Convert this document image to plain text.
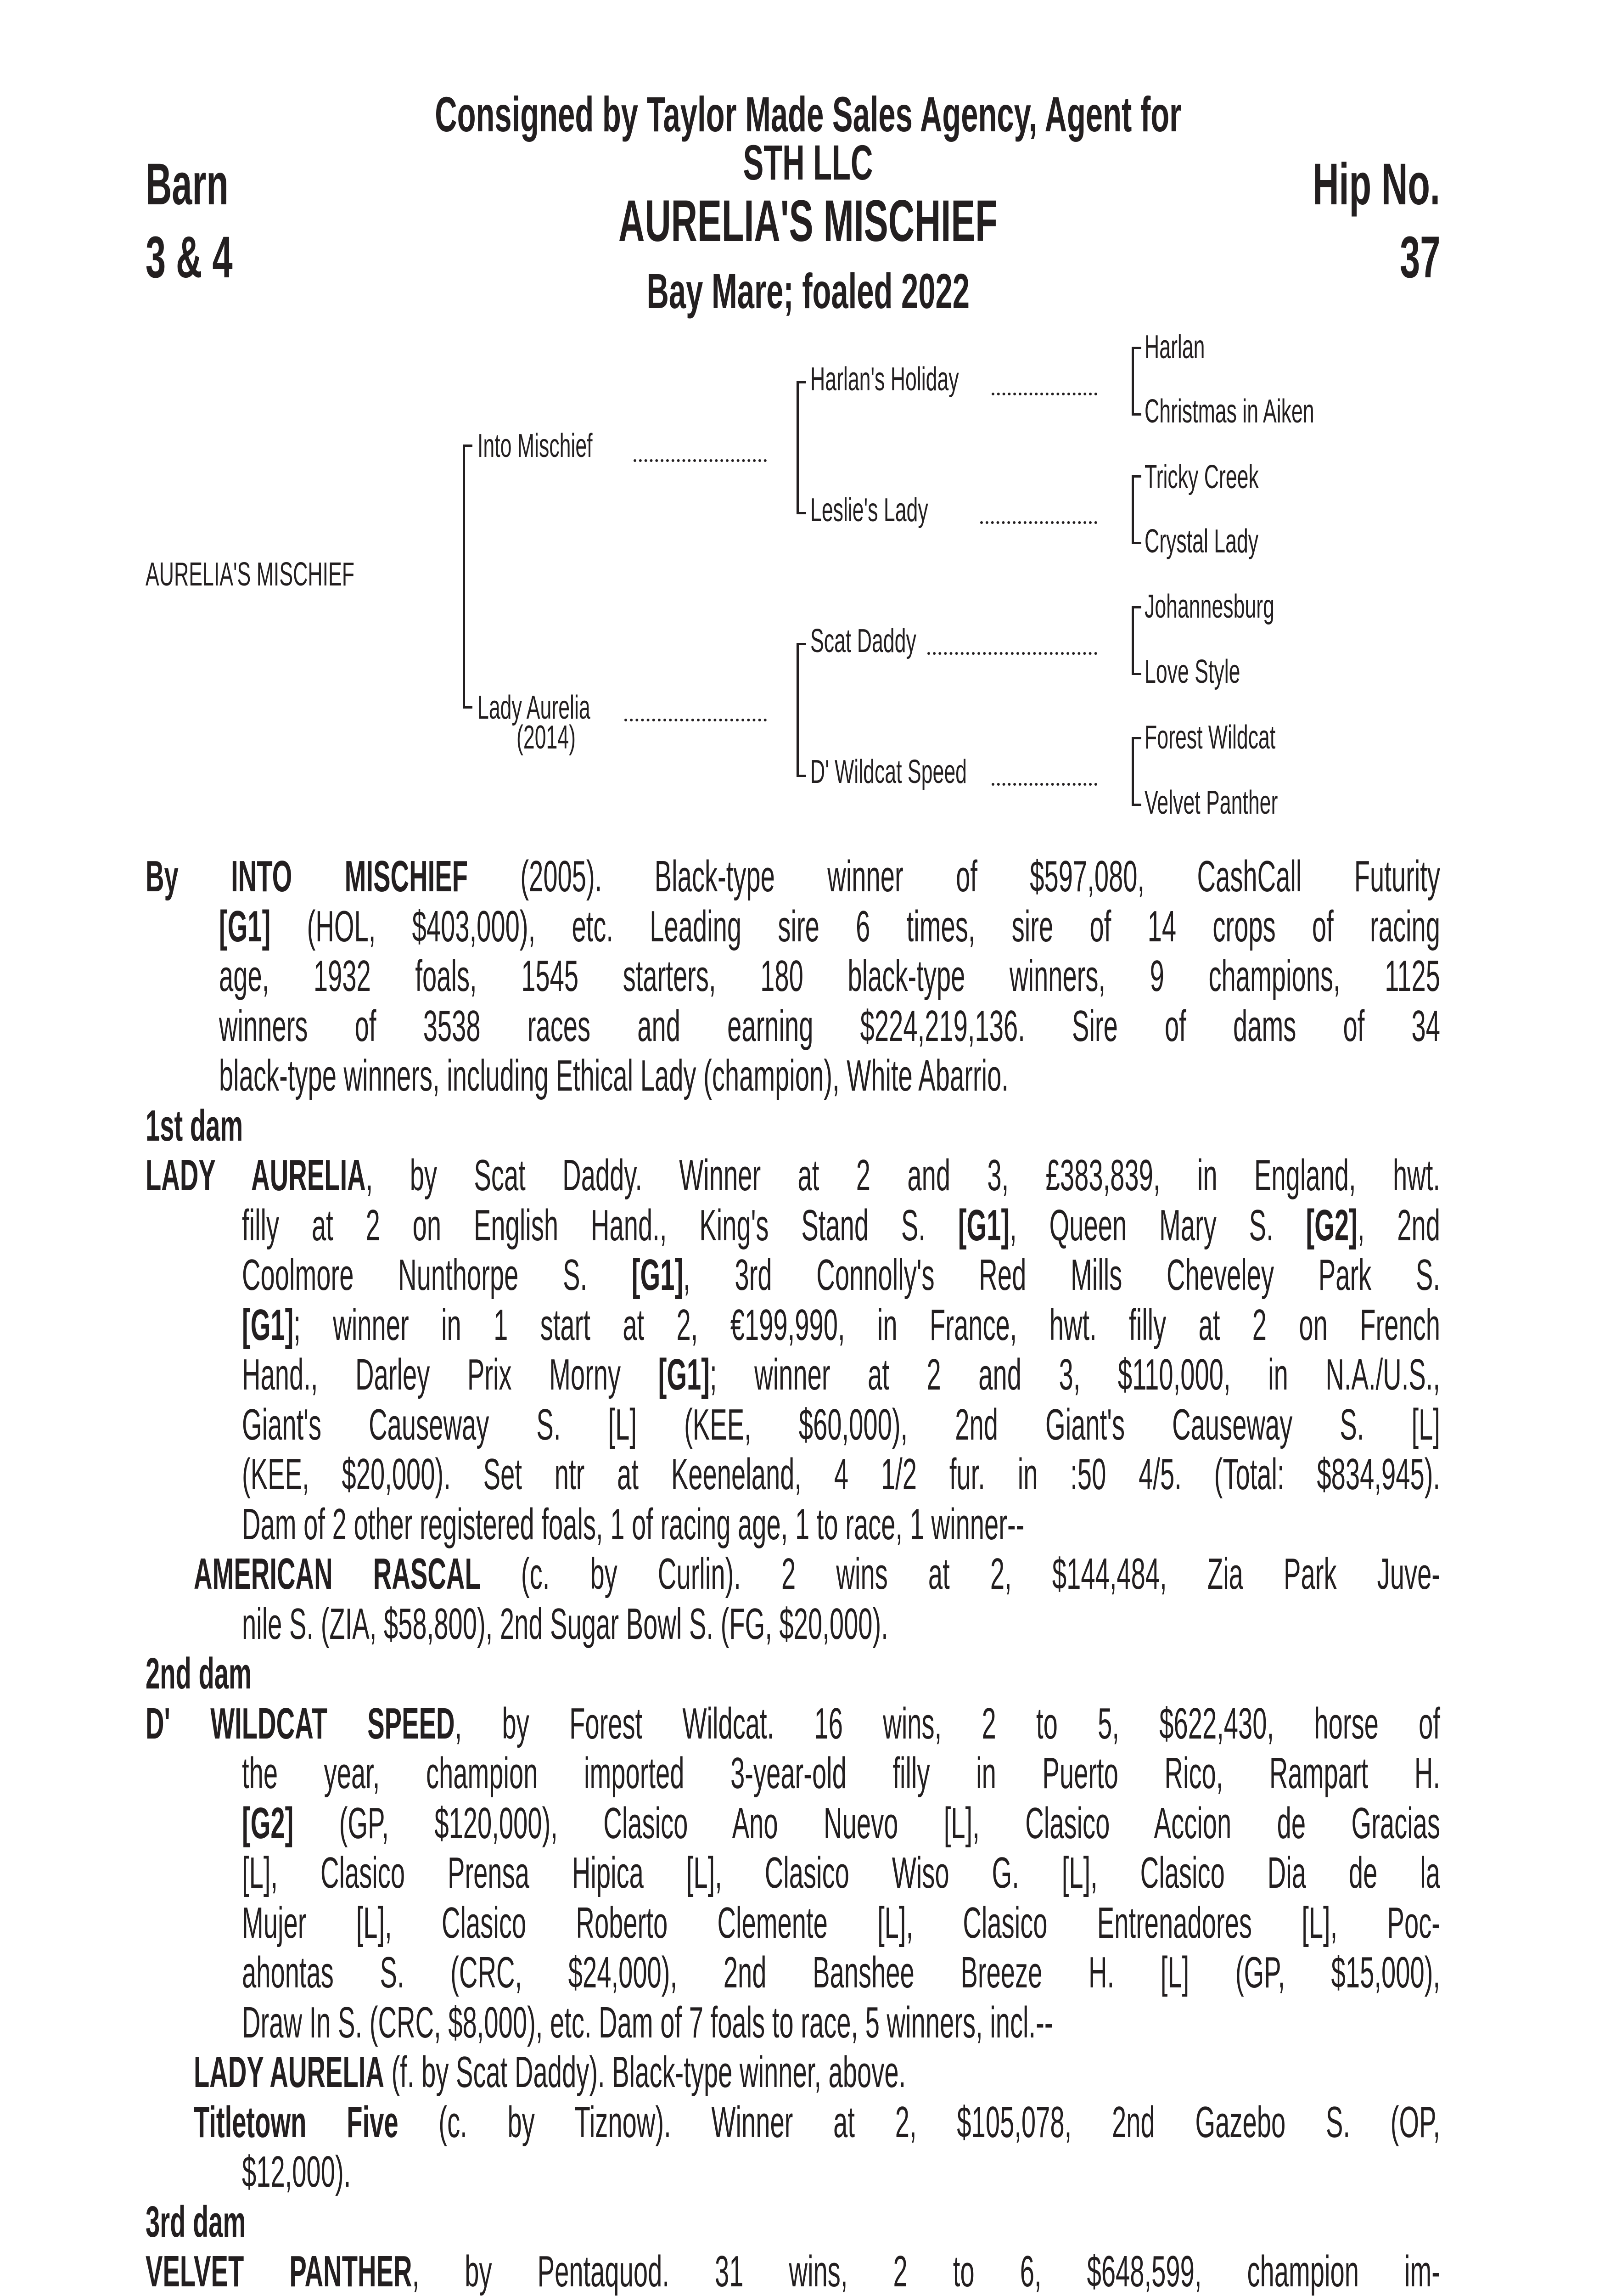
Consigned by Taylor Made Sales Agency, Agent for
STH LLC
AURELIA'S MISCHIEF
Bay Mare; foaled 2022
Barn
3 & 4
Hip No.
37
AURELIA'S MISCHIEF
Into Mischief
Lady Aurelia
(2014)
Harlan's Holiday
Leslie's Lady
Scat Daddy
D' Wildcat Speed
Harlan
Christmas in Aiken
Tricky Creek
Crystal Lady
Johannesburg
Love Style
Forest Wildcat
Velvet Panther
By INTO MISCHIEF (2005). Black-type winner of $597,080, CashCall Futurity
[G1] (HOL, $403,000), etc. Leading sire 6 times, sire of 14 crops of racing
age, 1932 foals, 1545 starters, 180 black-type winners, 9 champions, 1125
winners of 3538 races and earning $224,219,136. Sire of dams of 34
black-type winners, including Ethical Lady (champion), White Abarrio.
1st dam
LADY AURELIA, by Scat Daddy. Winner at 2 and 3, £383,839, in England, hwt.
filly at 2 on English Hand., King's Stand S. [G1], Queen Mary S. [G2], 2nd
Coolmore Nunthorpe S. [G1], 3rd Connolly's Red Mills Cheveley Park S.
[G1]; winner in 1 start at 2, €199,990, in France, hwt. filly at 2 on French
Hand., Darley Prix Morny [G1]; winner at 2 and 3, $110,000, in N.A./U.S.,
Giant's Causeway S. [L] (KEE, $60,000), 2nd Giant's Causeway S. [L]
(KEE, $20,000). Set ntr at Keeneland, 4 1/2 fur. in :50 4/5. (Total: $834,945).
Dam of 2 other registered foals, 1 of racing age, 1 to race, 1 winner--
AMERICAN RASCAL (c. by Curlin). 2 wins at 2, $144,484, Zia Park Juve-
nile S. (ZIA, $58,800), 2nd Sugar Bowl S. (FG, $20,000).
2nd dam
D' WILDCAT SPEED, by Forest Wildcat. 16 wins, 2 to 5, $622,430, horse of
the year, champion imported 3-year-old filly in Puerto Rico, Rampart H.
[G2] (GP, $120,000), Clasico Ano Nuevo [L], Clasico Accion de Gracias
[L], Clasico Prensa Hipica [L], Clasico Wiso G. [L], Clasico Dia de la
Mujer [L], Clasico Roberto Clemente [L], Clasico Entrenadores [L], Poc-
ahontas S. (CRC, $24,000), 2nd Banshee Breeze H. [L] (GP, $15,000),
Draw In S. (CRC, $8,000), etc. Dam of 7 foals to race, 5 winners, incl.--
LADY AURELIA (f. by Scat Daddy). Black-type winner, above.
Titletown Five (c. by Tiznow). Winner at 2, $105,078, 2nd Gazebo S. (OP,
$12,000).
3rd dam
VELVET PANTHER, by Pentaquod. 31 wins, 2 to 6, $648,599, champion im-
